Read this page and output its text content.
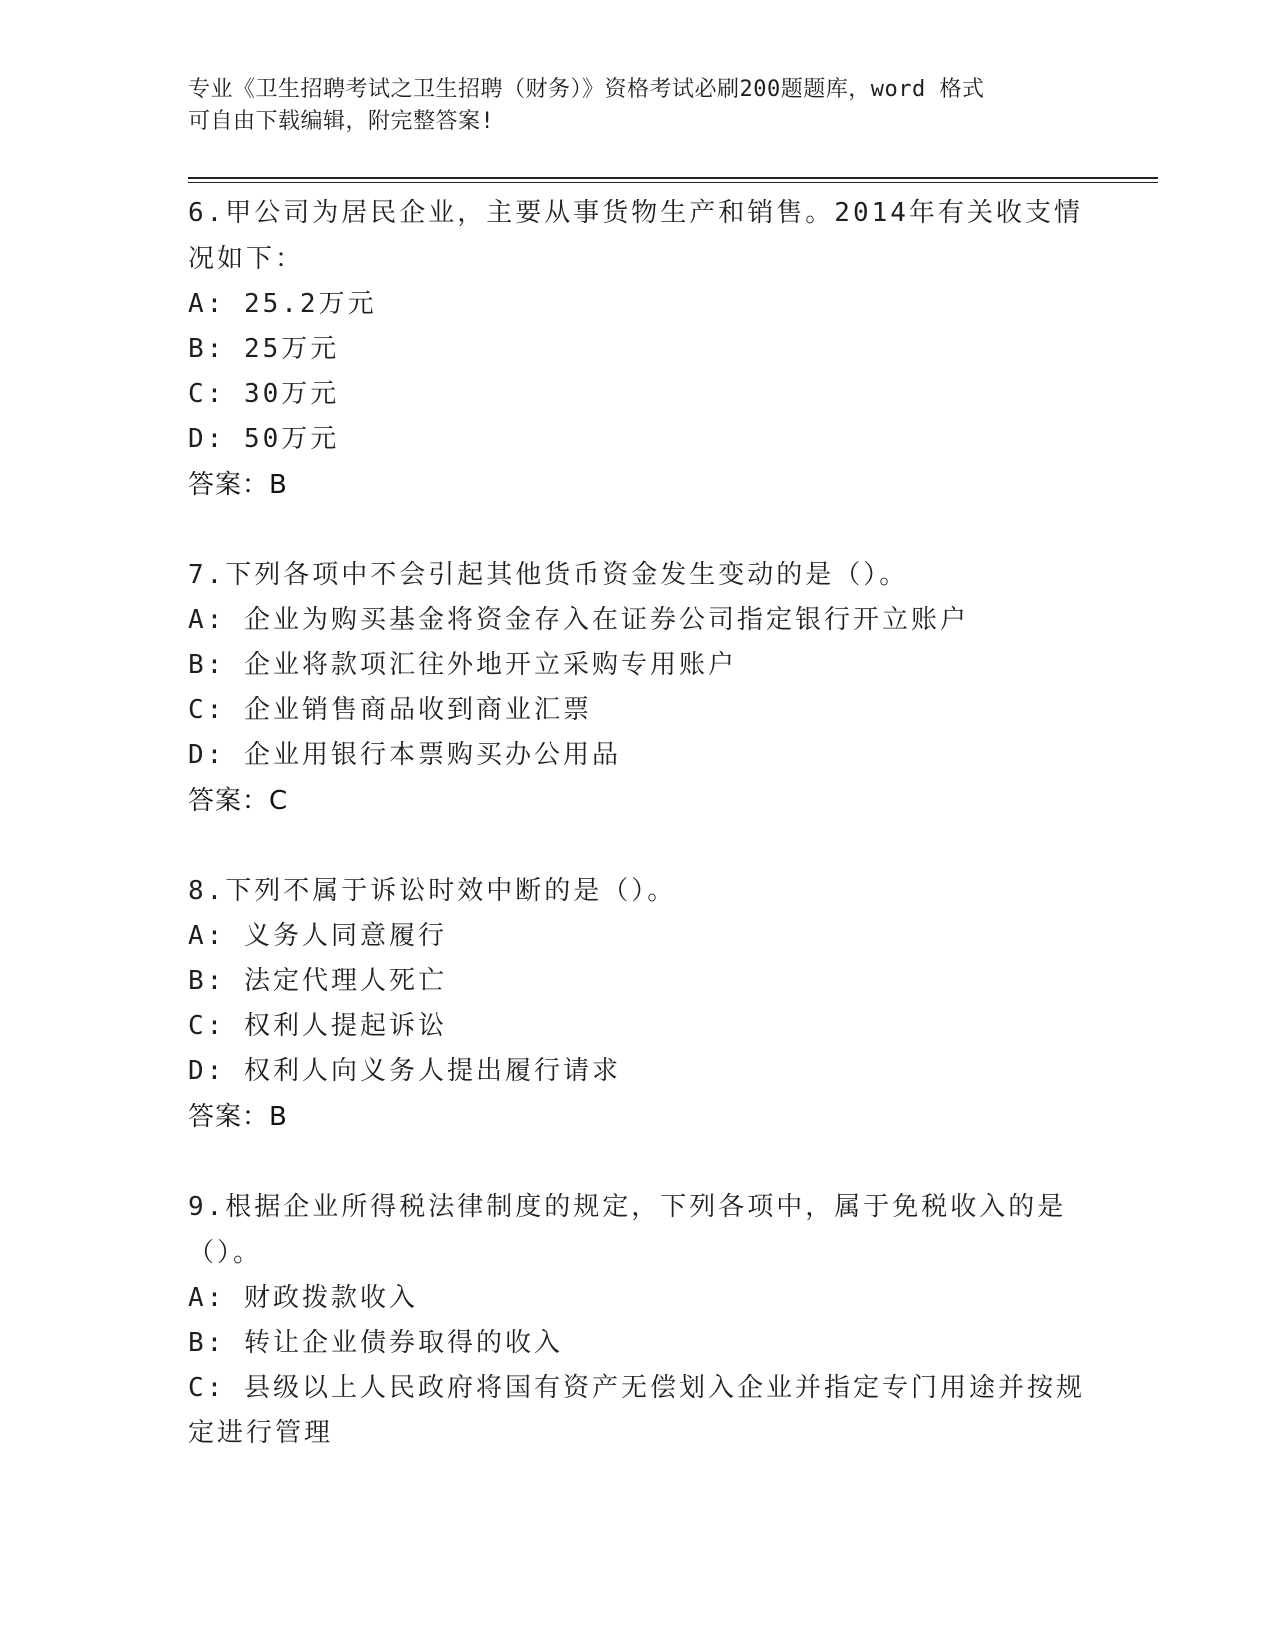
专业《卫生招聘考试之卫生招聘（财务）》资格考试必刷200题题库，word 格式
可自由下载编辑，附完整答案!
6.甲公司为居民企业，主要从事货物生产和销售。2014年有关收支情
况如下：
A: 25.2万元
B: 25万元
C: 30万元
D: 50万元
答案：B
7.下列各项中不会引起其他货币资金发生变动的是（）。
A: 企业为购买基金将资金存入在证券公司指定银行开立账户
B: 企业将款项汇往外地开立采购专用账户
C: 企业销售商品收到商业汇票
D: 企业用银行本票购买办公用品
答案：C
8.下列不属于诉讼时效中断的是（）。
A: 义务人同意履行
B: 法定代理人死亡
C: 权利人提起诉讼
D: 权利人向义务人提出履行请求
答案：B
9.根据企业所得税法律制度的规定，下列各项中，属于免税收入的是
（）。
A: 财政拨款收入
B: 转让企业债券取得的收入
C: 县级以上人民政府将国有资产无偿划入企业并指定专门用途并按规
定进行管理
